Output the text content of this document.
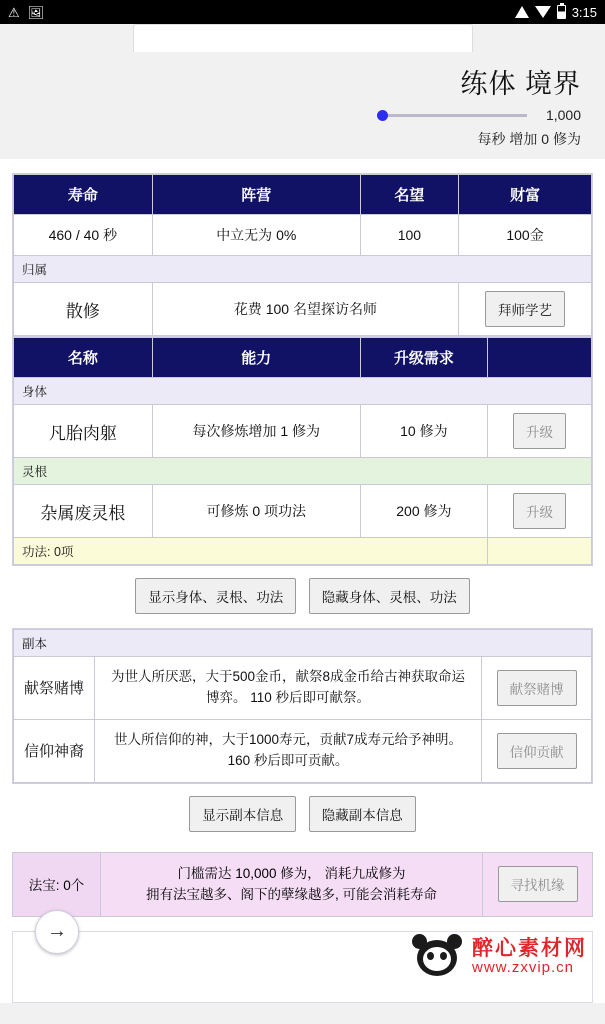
⚠ 🖼	3:15
练体 境界
1,000
每秒 增加 0 修为
寿命	阵营	名望	财富
460 / 40 秒	中立无为 0%	100	100金
归属			
散修	花费 100 名望探访名师		拜师学艺
名称	能力	升级需求	
身体			
凡胎肉躯	每次修炼增加 1 修为	10 修为	升级
灵根			
杂属废灵根	可修炼 0 项功法	200 修为	升级
功法: 0项			
显示身体、灵根、功法	隐藏身体、灵根、功法
副本		
献祭赌博	为世人所厌恶，大于500金币，献祭8成金币给古神获取命运博弈。 110 秒后即可献祭。	献祭赌博
信仰神裔	世人所信仰的神，大于1000寿元，贡献7成寿元给予神明。 160 秒后即可贡献。	信仰贡献
显示副本信息	隐藏副本信息
法宝: 0个
门槛需达 10,000 修为， 消耗九成修为
拥有法宝越多、阁下的孽缘越多, 可能会消耗寿命
寻找机缘
→
醉心素材网
www.zxvip.cn
